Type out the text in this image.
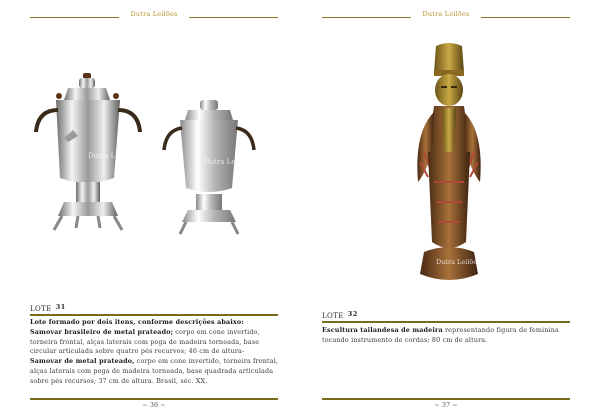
Dutra Leilões
Dutra Leilões
Dutra Leilões
LOTE 31
Lote formado por dois itens, conforme descrições abaixo:
Samovar brasileiro de metal prateado; corpo em cone invertido, torneira frontal, alças laterais com pega de madeira torneada, base circular articulada sobre quatro pés recurvos; 46 cm de altura-
Samovar de metal prateado, corpo em cone invertido, torneira frontal, alças laterais com pega de madeira torneada, base quadrada articulada sobre pés recursos; 37 cm de altura. Brasil, séc. XX.
~ 36 ~
Dutra Leilões
Dutra Leilões
LOTE 32
Escultura tailandesa de madeira representando figura de feminina tocando instrumento de cordas; 80 cm de altura.
~ 37 ~
